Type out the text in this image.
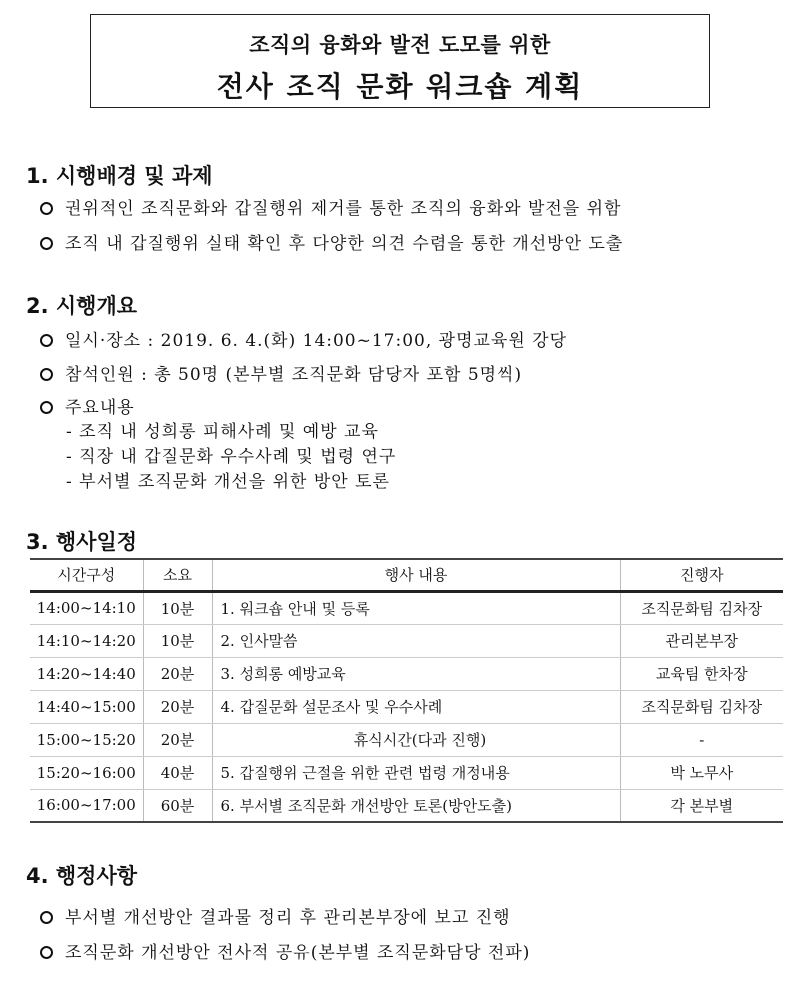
조직의 융화와 발전 도모를 위한
전사 조직 문화 워크숍 계획
1. 시행배경 및 과제
권위적인 조직문화와 갑질행위 제거를 통한 조직의 융화와 발전을 위함
조직 내 갑질행위 실태 확인 후 다양한 의견 수렴을 통한 개선방안 도출
2. 시행개요
일시·장소 : 2019. 6. 4.(화) 14:00~17:00, 광명교육원 강당
참석인원 : 총 50명 (본부별 조직문화 담당자 포함 5명씩)
주요내용
- 조직 내 성희롱 피해사례 및 예방 교육
- 직장 내 갑질문화 우수사례 및 법령 연구
- 부서별 조직문화 개선을 위한 방안 토론
3. 행사일정
시간구성	소요	행사 내용	진행자
14:00~14:10	10분	1. 워크숍 안내 및 등록	조직문화팀 김차장
14:10~14:20	10분	2. 인사말씀	관리본부장
14:20~14:40	20분	3. 성희롱 예방교육	교육팀 한차장
14:40~15:00	20분	4. 갑질문화 설문조사 및 우수사례	조직문화팀 김차장
15:00~15:20	20분	휴식시간(다과 진행)	-
15:20~16:00	40분	5. 갑질행위 근절을 위한 관련 법령 개정내용	박 노무사
16:00~17:00	60분	6. 부서별 조직문화 개선방안 토론(방안도출)	각 본부별
4. 행정사항
부서별 개선방안 결과물 정리 후 관리본부장에 보고 진행
조직문화 개선방안 전사적 공유(본부별 조직문화담당 전파)
